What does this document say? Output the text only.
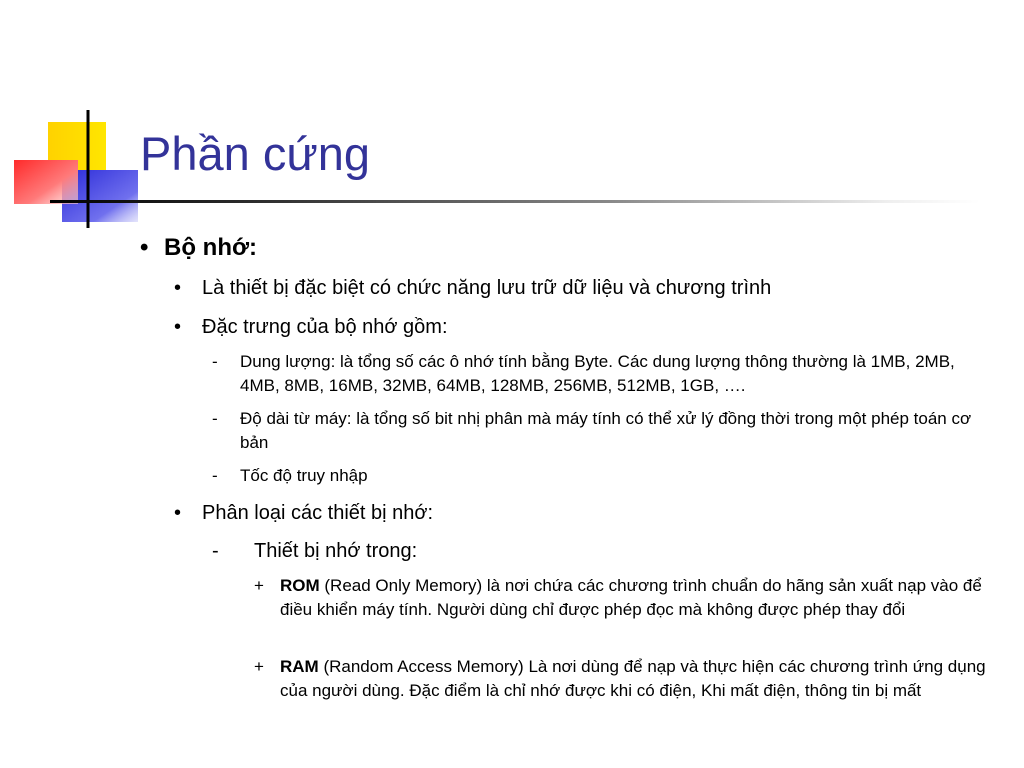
Phần cứng
• Bộ nhớ:
• Là thiết bị đặc biệt có chức năng lưu trữ dữ liệu và chương trình
• Đặc trưng của bộ nhớ gồm:
- Dung lượng: là tổng số các ô nhớ tính bằng Byte. Các dung lượng thông thường là 1MB, 2MB, 4MB, 8MB, 16MB, 32MB, 64MB, 128MB, 256MB, 512MB, 1GB, ….
- Độ dài từ máy: là tổng số bit nhị phân mà máy tính có thể xử lý đồng thời trong một phép toán cơ bản
- Tốc độ truy nhập
• Phân loại các thiết bị nhớ:
- Thiết bị nhớ trong:
+ ROM (Read Only Memory) là nơi chứa các chương trình chuẩn do hãng sản xuất nạp vào để điều khiển máy tính. Người dùng chỉ được phép đọc mà không được phép thay đổi
+ RAM (Random Access Memory) Là nơi dùng để nạp và thực hiện các chương trình ứng dụng của người dùng. Đặc điểm là chỉ nhớ được khi có điện, Khi mất điện, thông tin bị mất
